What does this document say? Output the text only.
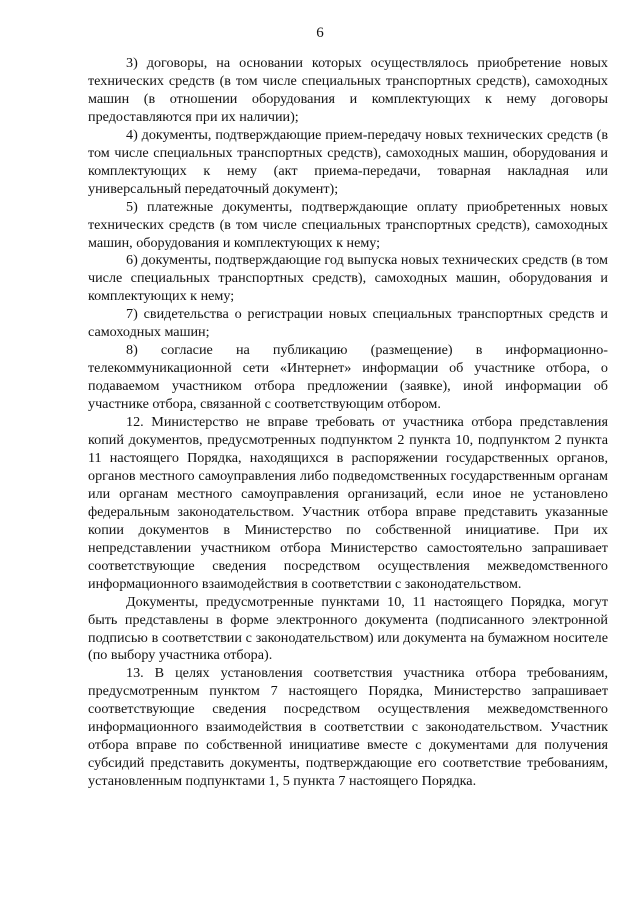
6

3) договоры, на основании которых осуществлялось приобретение новых технических средств (в том числе специальных транспортных средств), самоходных машин (в отношении оборудования и комплектующих к нему договоры предоставляются при их наличии);

4) документы, подтверждающие прием-передачу новых технических средств (в том числе специальных транспортных средств), самоходных машин, оборудования и комплектующих к нему (акт приема-передачи, товарная накладная или универсальный передаточный документ);

5) платежные документы, подтверждающие оплату приобретенных новых технических средств (в том числе специальных транспортных средств), самоходных машин, оборудования и комплектующих к нему;

6) документы, подтверждающие год выпуска новых технических средств (в том числе специальных транспортных средств), самоходных машин, оборудования и комплектующих к нему;

7) свидетельства о регистрации новых специальных транспортных средств и самоходных машин;

8) согласие на публикацию (размещение) в информационно-телекоммуникационной сети «Интернет» информации об участнике отбора, о подаваемом участником отбора предложении (заявке), иной информации об участнике отбора, связанной с соответствующим отбором.

12. Министерство не вправе требовать от участника отбора представления копий документов, предусмотренных подпунктом 2 пункта 10, подпунктом 2 пункта 11 настоящего Порядка, находящихся в распоряжении государственных органов, органов местного самоуправления либо подведомственных государственным органам или органам местного самоуправления организаций, если иное не установлено федеральным законодательством. Участник отбора вправе представить указанные копии документов в Министерство по собственной инициативе. При их непредставлении участником отбора Министерство самостоятельно запрашивает соответствующие сведения посредством осуществления межведомственного информационного взаимодействия в соответствии с законодательством.

Документы, предусмотренные пунктами 10, 11 настоящего Порядка, могут быть представлены в форме электронного документа (подписанного электронной подписью в соответствии с законодательством) или документа на бумажном носителе (по выбору участника отбора).

13. В целях установления соответствия участника отбора требованиям, предусмотренным пунктом 7 настоящего Порядка, Министерство запрашивает соответствующие сведения посредством осуществления межведомственного информационного взаимодействия в соответствии с законодательством. Участник отбора вправе по собственной инициативе вместе с документами для получения субсидий представить документы, подтверждающие его соответствие требованиям, установленным подпунктами 1, 5 пункта 7 настоящего Порядка.
